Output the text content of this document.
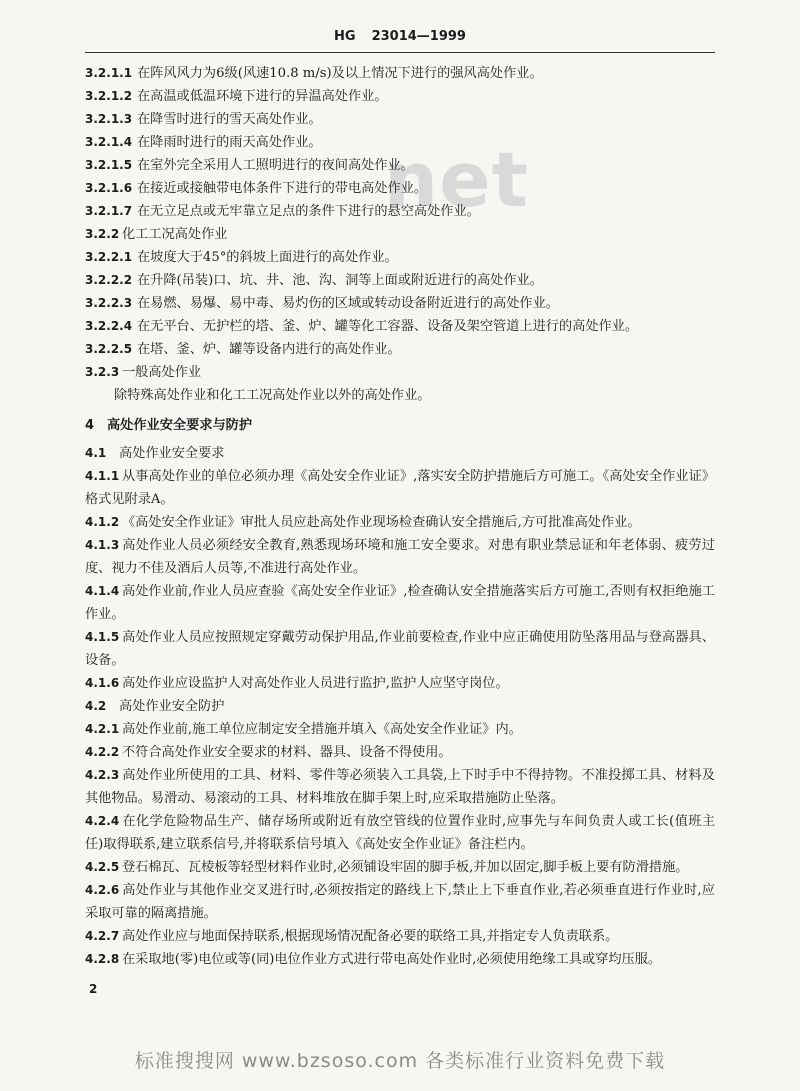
net
HG 23014—1999
3.2.1.1 在阵风风力为6级(风速10.8 m/s)及以上情况下进行的强风高处作业。
3.2.1.2 在高温或低温环境下进行的异温高处作业。
3.2.1.3 在降雪时进行的雪天高处作业。
3.2.1.4 在降雨时进行的雨天高处作业。
3.2.1.5 在室外完全采用人工照明进行的夜间高处作业。
3.2.1.6 在接近或接触带电体条件下进行的带电高处作业。
3.2.1.7 在无立足点或无牢靠立足点的条件下进行的悬空高处作业。
3.2.2 化工工况高处作业
3.2.2.1 在坡度大于45°的斜坡上面进行的高处作业。
3.2.2.2 在升降(吊装)口、坑、井、池、沟、洞等上面或附近进行的高处作业。
3.2.2.3 在易燃、易爆、易中毒、易灼伤的区域或转动设备附近进行的高处作业。
3.2.2.4 在无平台、无护栏的塔、釜、炉、罐等化工容器、设备及架空管道上进行的高处作业。
3.2.2.5 在塔、釜、炉、罐等设备内进行的高处作业。
3.2.3 一般高处作业
除特殊高处作业和化工工况高处作业以外的高处作业。
4 高处作业安全要求与防护
4.1 高处作业安全要求
4.1.1 从事高处作业的单位必须办理《高处安全作业证》,落实安全防护措施后方可施工。《高处安全作业证》格式见附录A。
4.1.2 《高处安全作业证》审批人员应赴高处作业现场检查确认安全措施后,方可批准高处作业。
4.1.3 高处作业人员必须经安全教育,熟悉现场环境和施工安全要求。对患有职业禁忌证和年老体弱、疲劳过度、视力不佳及酒后人员等,不准进行高处作业。
4.1.4 高处作业前,作业人员应查验《高处安全作业证》,检查确认安全措施落实后方可施工,否则有权拒绝施工作业。
4.1.5 高处作业人员应按照规定穿戴劳动保护用品,作业前要检查,作业中应正确使用防坠落用品与登高器具、设备。
4.1.6 高处作业应设监护人对高处作业人员进行监护,监护人应坚守岗位。
4.2 高处作业安全防护
4.2.1 高处作业前,施工单位应制定安全措施并填入《高处安全作业证》内。
4.2.2 不符合高处作业安全要求的材料、器具、设备不得使用。
4.2.3 高处作业所使用的工具、材料、零件等必须装入工具袋,上下时手中不得持物。不准投掷工具、材料及其他物品。易滑动、易滚动的工具、材料堆放在脚手架上时,应采取措施防止坠落。
4.2.4 在化学危险物品生产、储存场所或附近有放空管线的位置作业时,应事先与车间负责人或工长(值班主任)取得联系,建立联系信号,并将联系信号填入《高处安全作业证》备注栏内。
4.2.5 登石棉瓦、瓦棱板等轻型材料作业时,必须铺设牢固的脚手板,并加以固定,脚手板上要有防滑措施。
4.2.6 高处作业与其他作业交叉进行时,必须按指定的路线上下,禁止上下垂直作业,若必须垂直进行作业时,应采取可靠的隔离措施。
4.2.7 高处作业应与地面保持联系,根据现场情况配备必要的联络工具,并指定专人负责联系。
4.2.8 在采取地(零)电位或等(同)电位作业方式进行带电高处作业时,必须使用绝缘工具或穿均压服。
2
标准搜搜网 www.bzsoso.com 各类标准行业资料免费下载
